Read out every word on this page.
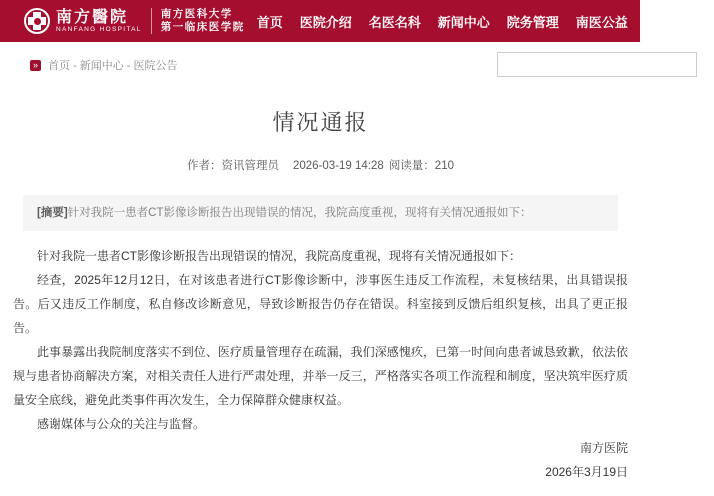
南方醫院
NANFANG HOSPITAL
南方医科大学
第一临床医学院 首页 医院介绍 名医名科 新闻中心 院务管理 南医公益 人才招聘
» 首页 - 新闻中心 - 医院公告
情况通报
作者：资讯管理员 2026-03-19 14:28 阅读量：210
[摘要]针对我院一患者CT影像诊断报告出现错误的情况，我院高度重视，现将有关情况通报如下：

针对我院一患者CT影像诊断报告出现错误的情况，我院高度重视，现将有关情况通报如下：

经查，2025年12月12日，在对该患者进行CT影像诊断中，涉事医生违反工作流程，未复核结果，出具错误报告。后又违反工作制度，私自修改诊断意见，导致诊断报告仍存在错误。科室接到反馈后组织复核，出具了更正报告。

此事暴露出我院制度落实不到位、医疗质量管理存在疏漏，我们深感愧疚，已第一时间向患者诚恳致歉，依法依规与患者协商解决方案，对相关责任人进行严肃处理，并举一反三，严格落实各项工作流程和制度，坚决筑牢医疗质量安全底线，避免此类事件再次发生，全力保障群众健康权益。

感谢媒体与公众的关注与监督。

南方医院

2026年3月19日
